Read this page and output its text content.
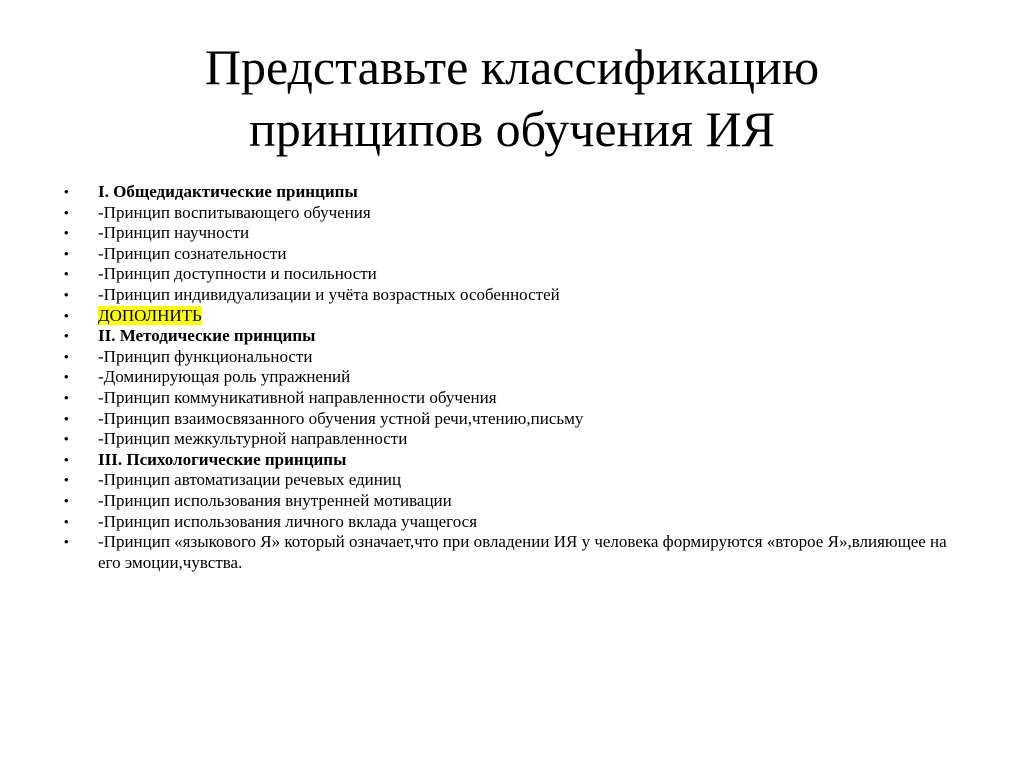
Представьте классификацию
принципов обучения ИЯ
•	I. Общедидактические принципы
•	-Принцип воспитывающего обучения
•	-Принцип научности
•	-Принцип сознательности
•	-Принцип доступности и посильности
•	-Принцип индивидуализации и учёта возрастных особенностей
•	ДОПОЛНИТЬ
•	II. Методические принципы
•	-Принцип функциональности
•	-Доминирующая роль упражнений
•	-Принцип коммуникативной направленности обучения
•	-Принцип взаимосвязанного обучения устной речи,чтению,письму
•	-Принцип межкультурной направленности
•	III. Психологические принципы
•	-Принцип автоматизации речевых единиц
•	-Принцип использования внутренней мотивации
•	-Принцип использования личного вклада учащегося
•	-Принцип «языкового Я» который означает,что при овладении ИЯ у человека формируются «второе Я»,влияющее на его эмоции,чувства.
